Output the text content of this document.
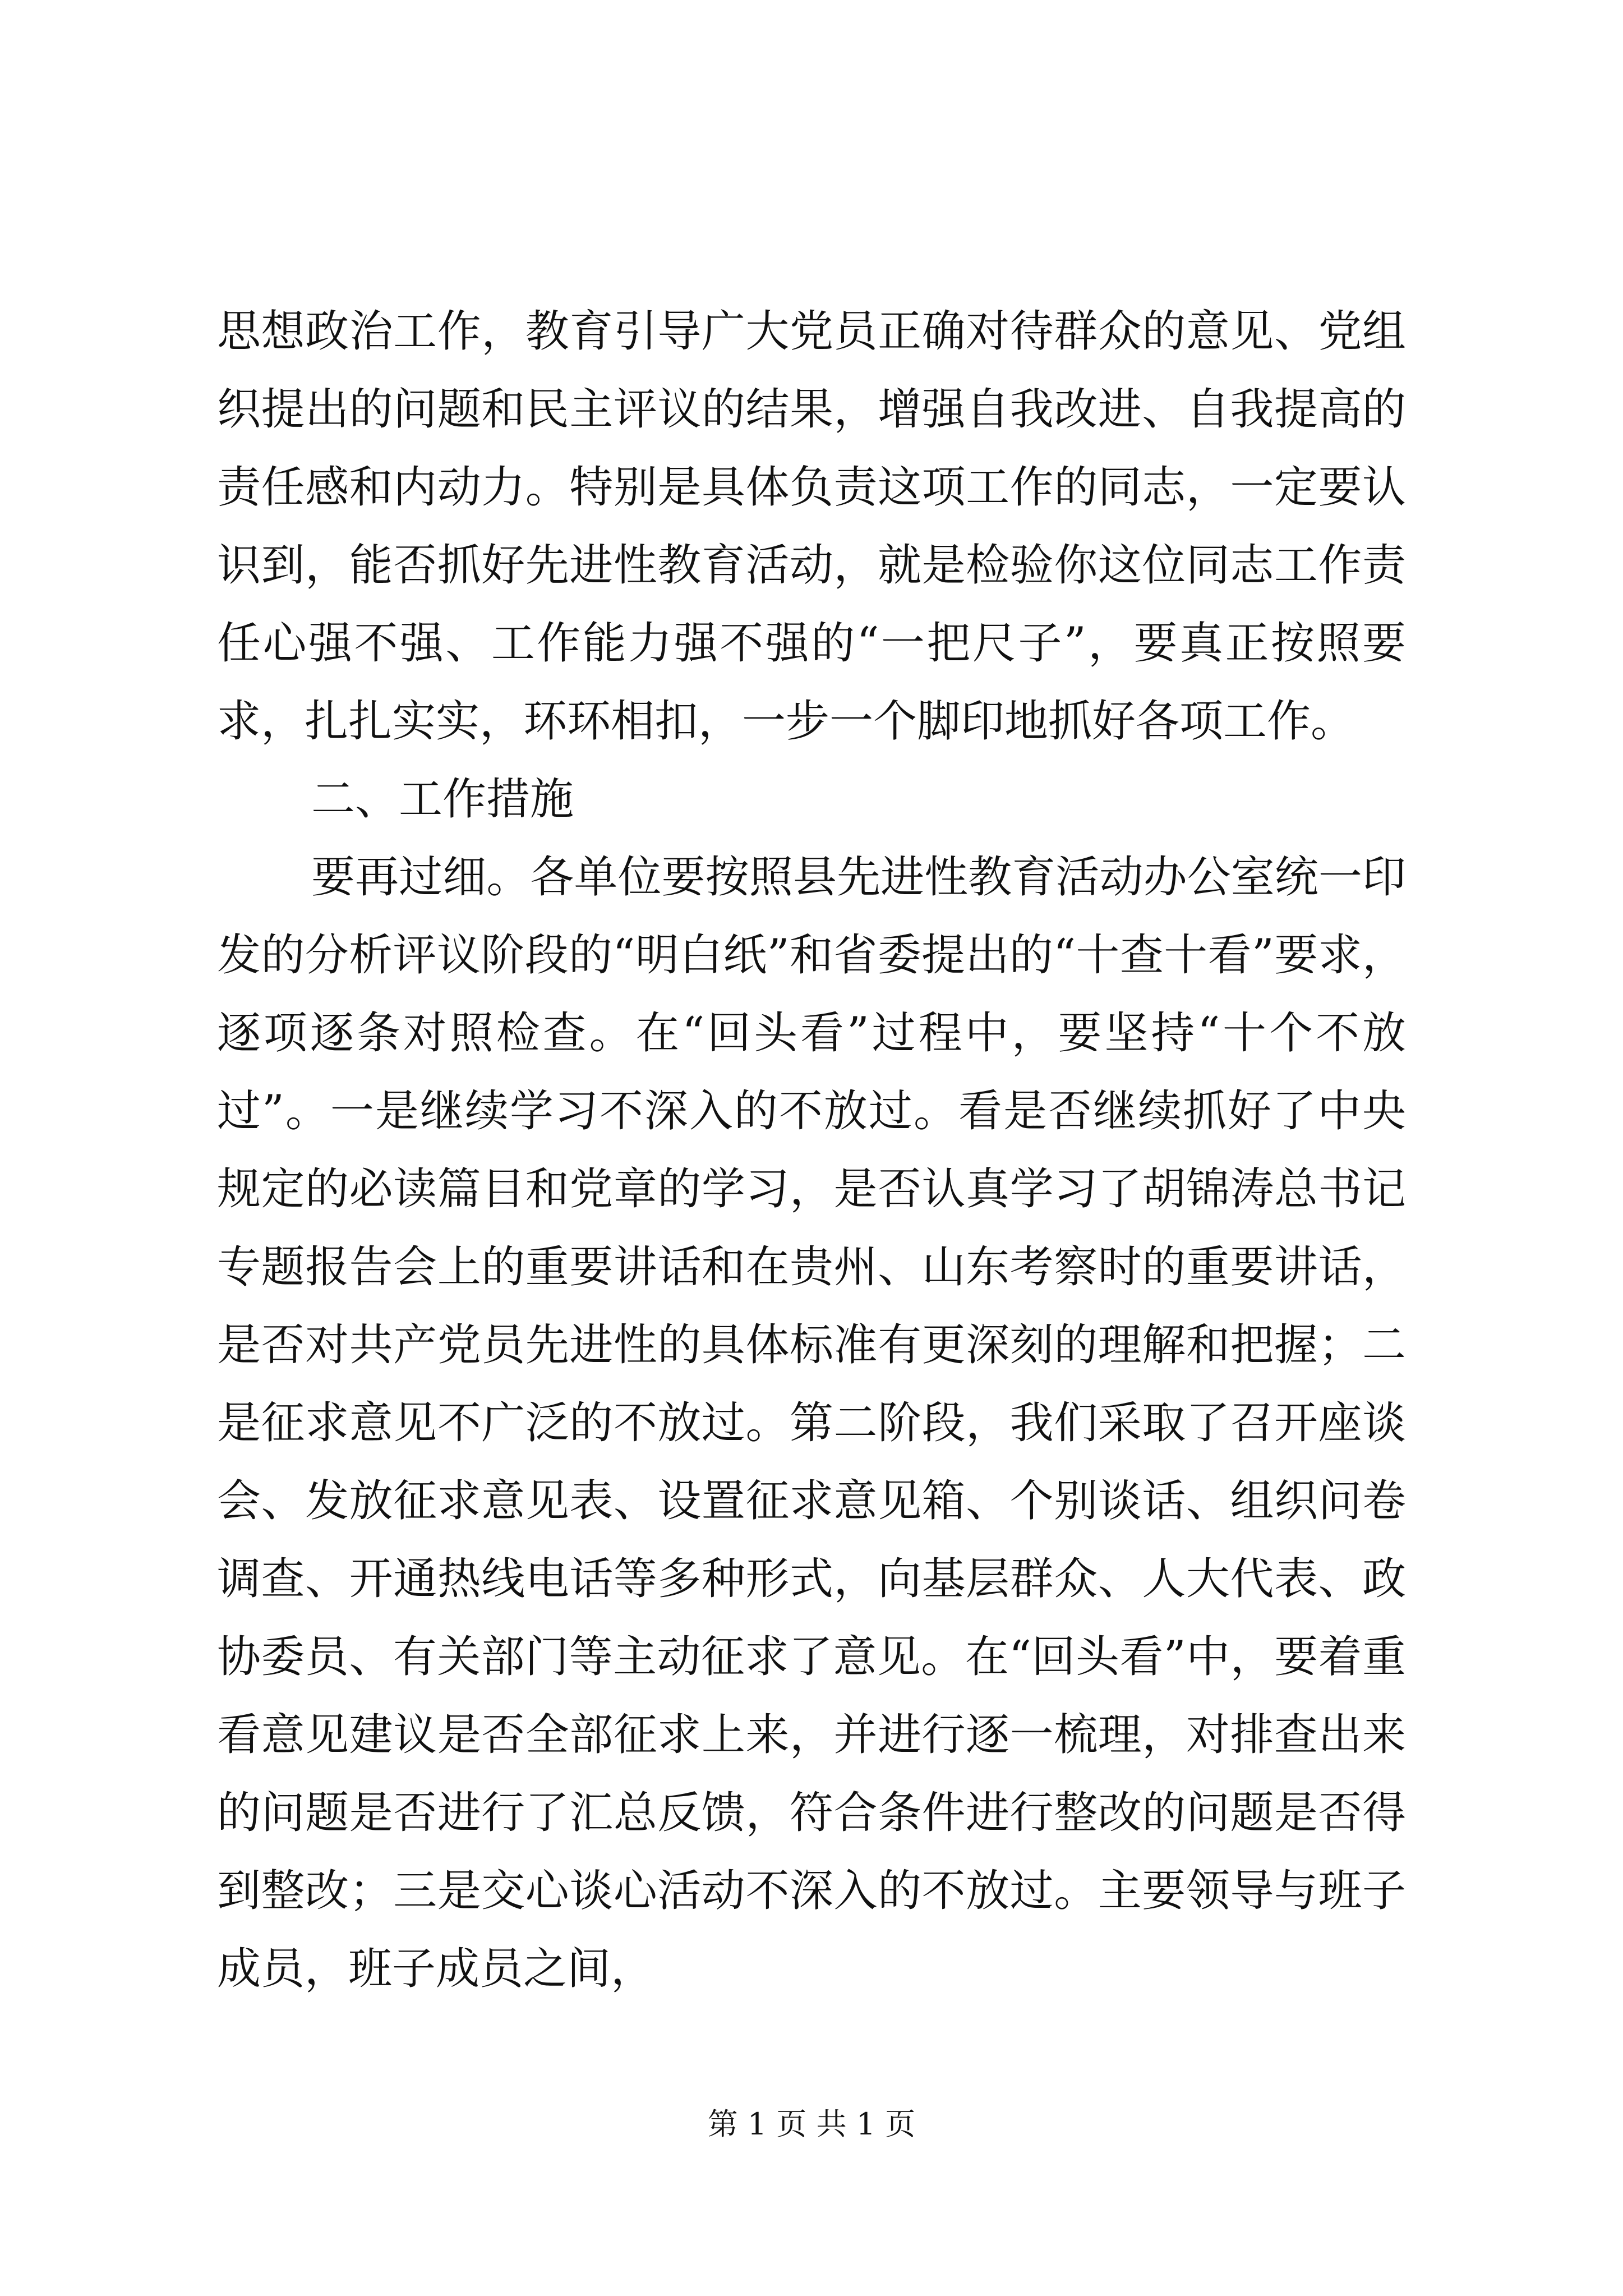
思想政治工作，教育引导广大党员正确对待群众的意见、党组织提出的问题和民主评议的结果，增强自我改进、自我提高的责任感和内动力。特别是具体负责这项工作的同志，一定要认识到，能否抓好先进性教育活动，就是检验你这位同志工作责任心强不强、工作能力强不强的“一把尺子”，要真正按照要求，扎扎实实，环环相扣，一步一个脚印地抓好各项工作。

二、工作措施

要再过细。各单位要按照县先进性教育活动办公室统一印发的分析评议阶段的“明白纸”和省委提出的“十查十看”要求，逐项逐条对照检查。在“回头看”过程中，要坚持“十个不放过”。一是继续学习不深入的不放过。看是否继续抓好了中央规定的必读篇目和党章的学习，是否认真学习了胡锦涛总书记专题报告会上的重要讲话和在贵州、山东考察时的重要讲话，是否对共产党员先进性的具体标准有更深刻的理解和把握；二是征求意见不广泛的不放过。第二阶段，我们采取了召开座谈会、发放征求意见表、设置征求意见箱、个别谈话、组织问卷调查、开通热线电话等多种形式，向基层群众、人大代表、政协委员、有关部门等主动征求了意见。在“回头看”中，要着重看意见建议是否全部征求上来，并进行逐一梳理，对排查出来的问题是否进行了汇总反馈，符合条件进行整改的问题是否得到整改；三是交心谈心活动不深入的不放过。主要领导与班子成员，班子成员之间，

第 1 页 共 1 页
